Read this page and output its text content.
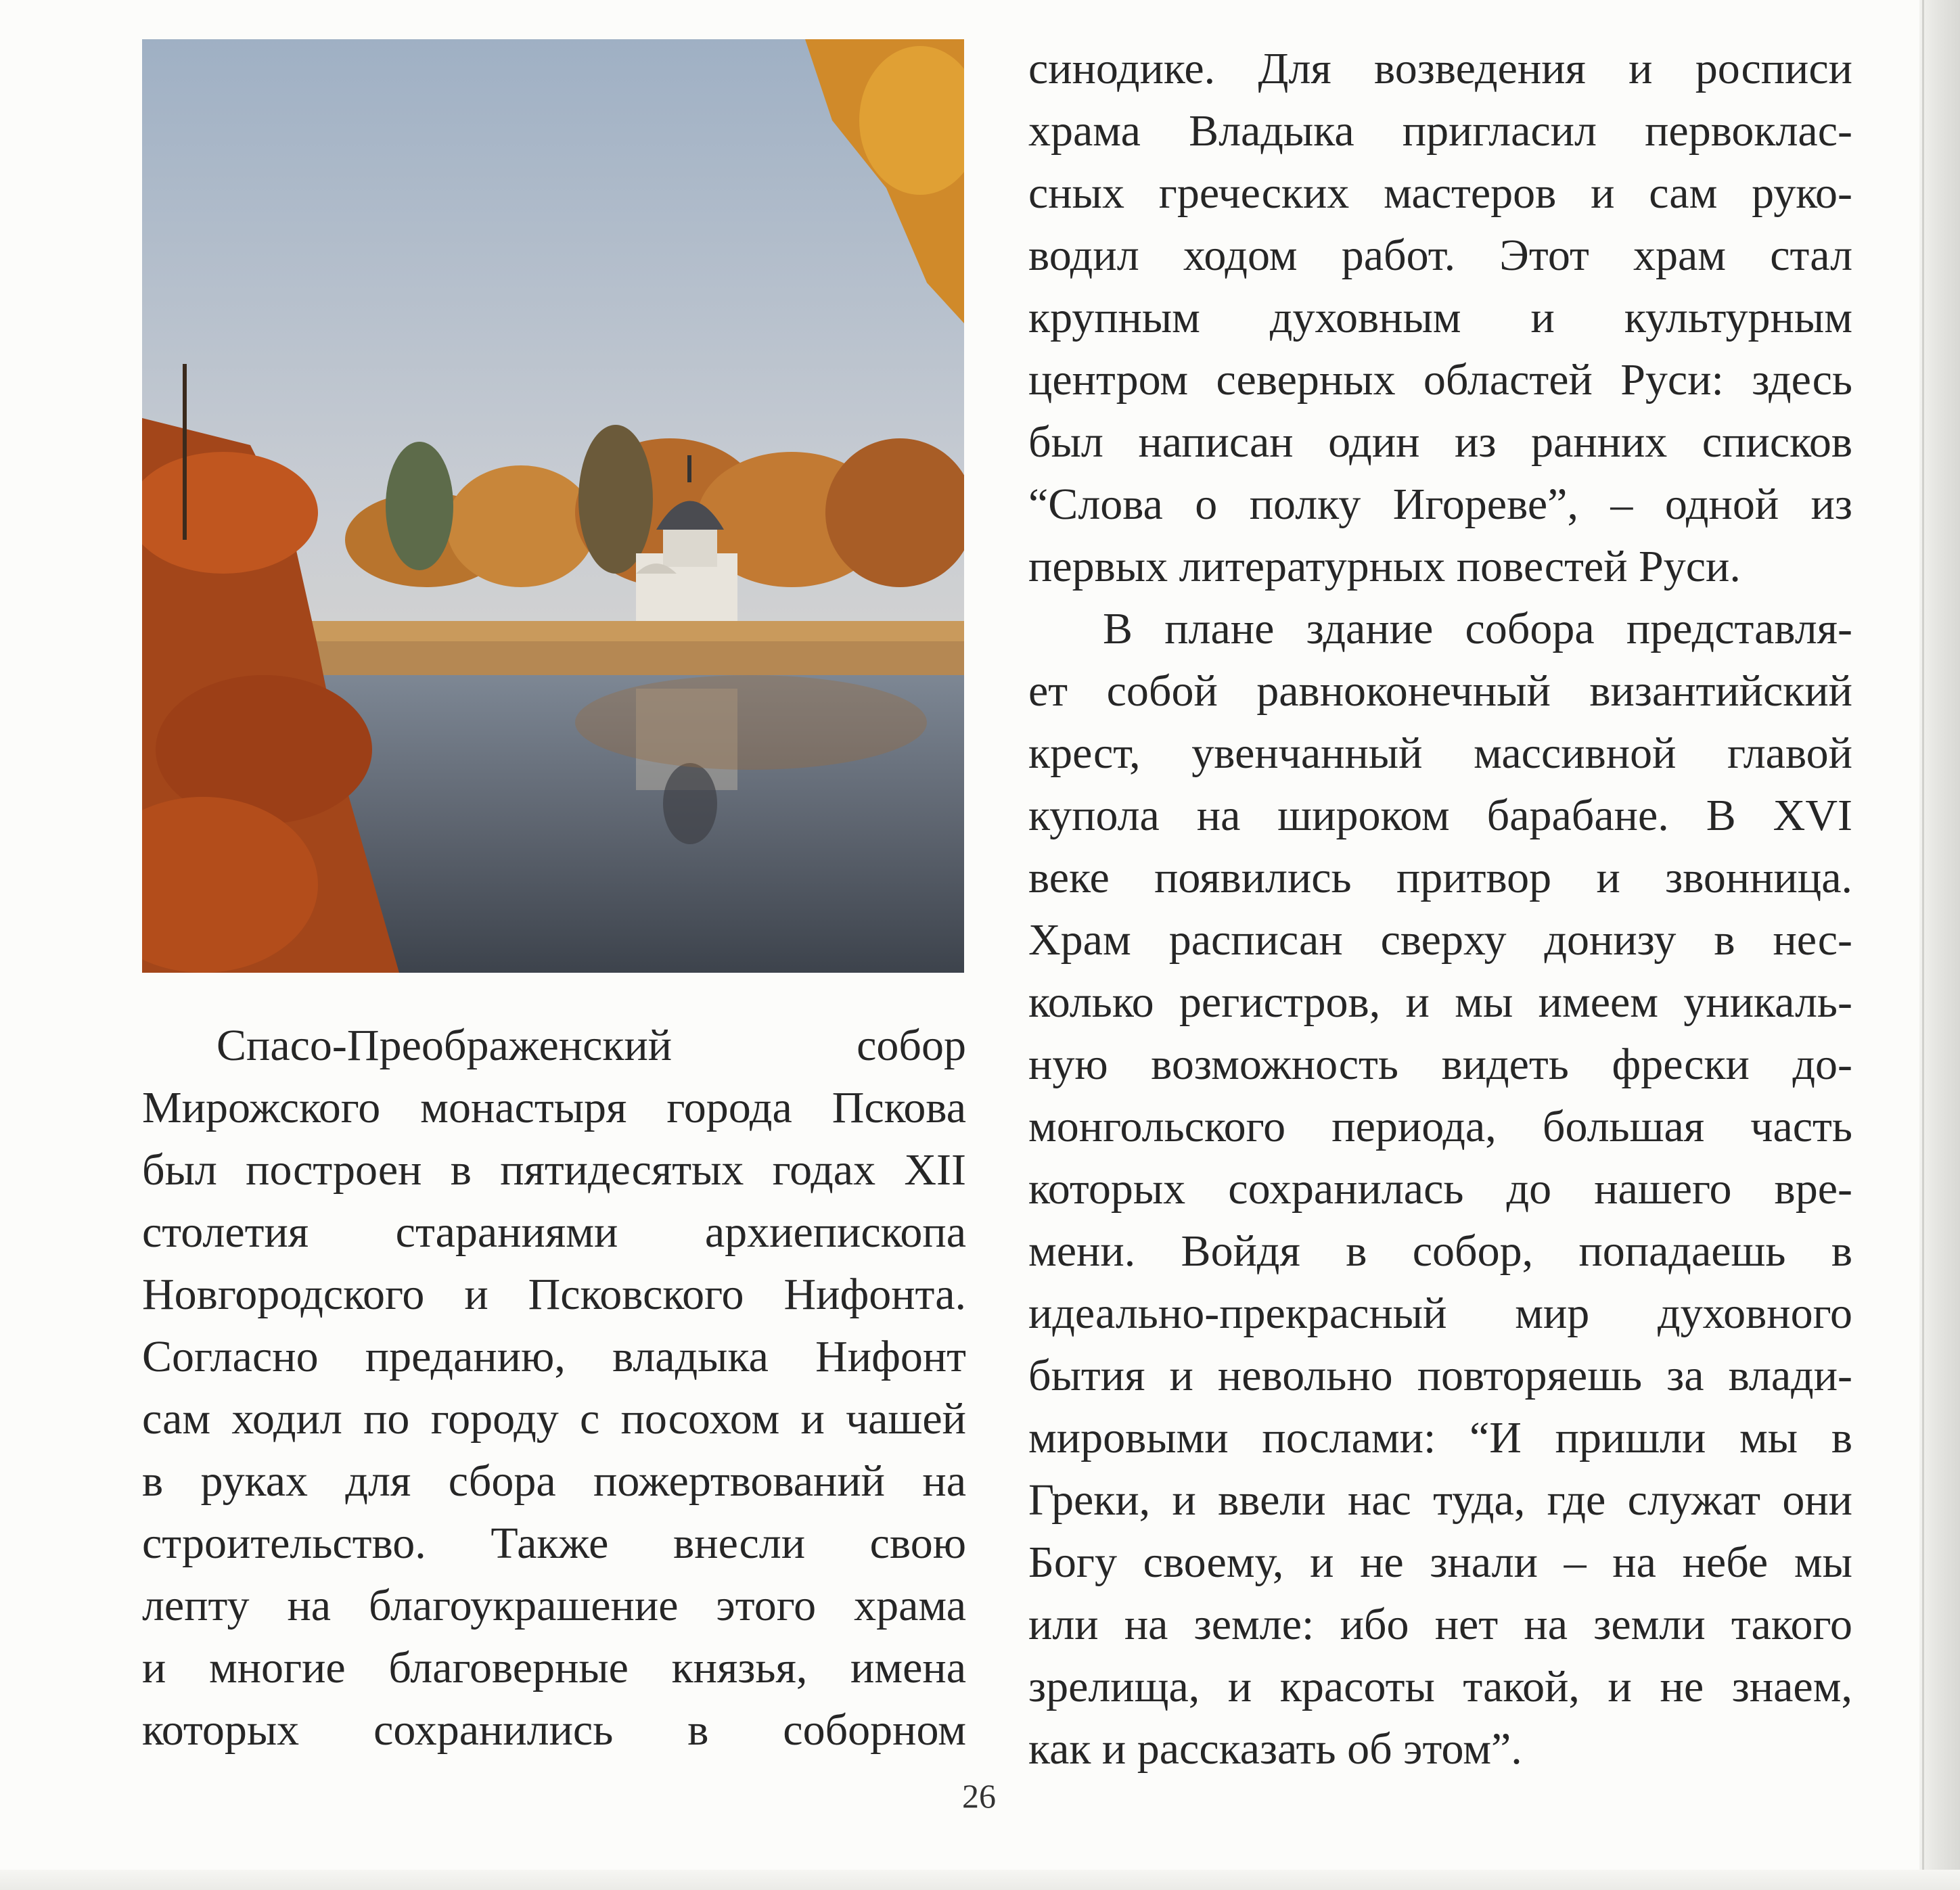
Спасо-Преображенский собор
Мирожского монастыря города Пскова
был построен в пятидесятых годах XII
столетия стараниями архиепископа
Новгородского и Псковского Нифонта.
Согласно преданию, владыка Нифонт
сам ходил по городу с посохом и чашей
в руках для сбора пожертвований на
строительство. Также внесли свою
лепту на благоукрашение этого храма
и многие благоверные князья, имена
которых сохранились в соборном
синодике. Для возведения и росписи
храма Владыка пригласил первоклас-
сных греческих мастеров и сам руко-
водил ходом работ. Этот храм стал
крупным духовным и культурным
центром северных областей Руси: здесь
был написан один из ранних списков
“Слова о полку Игореве”, – одной из
первых литературных повестей Руси.
В плане здание собора представля-
ет собой равноконечный византийский
крест, увенчанный массивной главой
купола на широком барабане. В XVI
веке появились притвор и звонница.
Храм расписан сверху донизу в нес-
колько регистров, и мы имеем уникаль-
ную возможность видеть фрески до-
монгольского периода, большая часть
которых сохранилась до нашего вре-
мени. Войдя в собор, попадаешь в
идеально-прекрасный мир духовного
бытия и невольно повторяешь за влади-
мировыми послами: “И пришли мы в
Греки, и ввели нас туда, где служат они
Богу своему, и не знали – на небе мы
или на земле: ибо нет на земли такого
зрелища, и красоты такой, и не знаем,
как и рассказать об этом”.
26
